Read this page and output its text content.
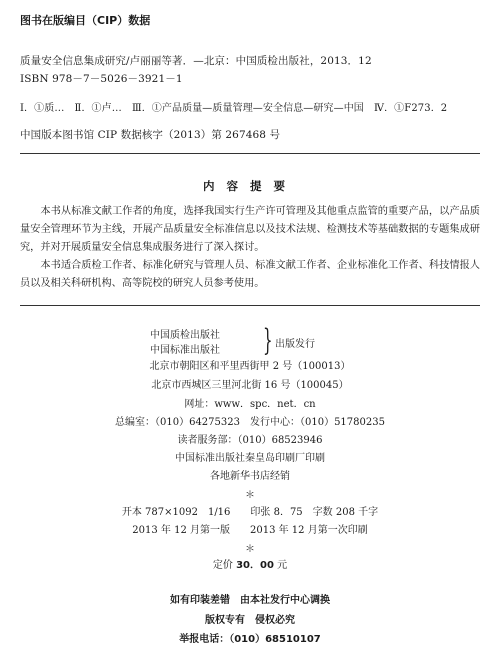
图书在版编目（CIP）数据
质量安全信息集成研究/卢丽丽等著．—北京：中国质检出版社，2013．12
ISBN 978－7－5026－3921－1
Ⅰ．①质…　Ⅱ．①卢…　Ⅲ．①产品质量—质量管理—安全信息—研究—中国　Ⅳ．①F273．2
中国版本图书馆 CIP 数据核字（2013）第 267468 号
内容提要
本书从标准文献工作者的角度，选择我国实行生产许可管理及其他重点监管的重要产品，以产品质量安全管理环节为主线，开展产品质量安全标准信息以及技术法规、检测技术等基础数据的专题集成研究，并对开展质量安全信息集成服务进行了深入探讨。
本书适合质检工作者、标准化研究与管理人员、标准文献工作者、企业标准化工作者、科技情报人员以及相关科研机构、高等院校的研究人员参考使用。
中国质检出版社
中国标准出版社 } 出版发行
北京市朝阳区和平里西街甲 2 号（100013）
北京市西城区三里河北街 16 号（100045）
网址：www．spc．net．cn
总编室：（010）64275323　发行中心：（010）51780235
读者服务部：（010）68523946
中国标准出版社秦皇岛印刷厂印刷
各地新华书店经销
＊
开本 787×1092　1/16　　印张 8．75　字数 208 千字
2013 年 12 月第一版　　2013 年 12 月第一次印刷
＊
定价 30．00 元
如有印装差错　由本社发行中心调换
版权专有　侵权必究
举报电话：（010）68510107
